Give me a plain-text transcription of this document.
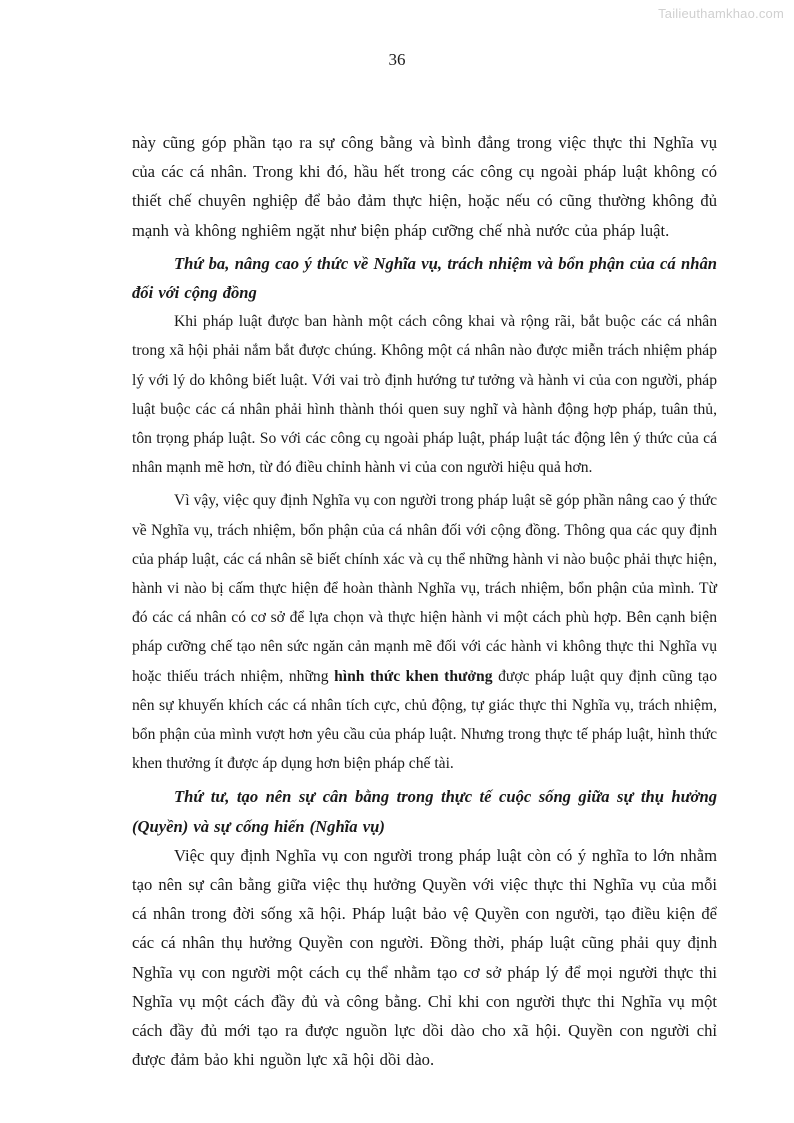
Tailieuthamkhao.com
36

này cũng góp phần tạo ra sự công bằng và bình đẳng trong việc thực thi Nghĩa vụ của các cá nhân. Trong khi đó, hầu hết trong các công cụ ngoài pháp luật không có thiết chế chuyên nghiệp để bảo đảm thực hiện, hoặc nếu có cũng thường không đủ mạnh và không nghiêm ngặt như biện pháp cưỡng chế nhà nước của pháp luật.

Thứ ba, nâng cao ý thức về Nghĩa vụ, trách nhiệm và bổn phận của cá nhân đối với cộng đồng

Khi pháp luật được ban hành một cách công khai và rộng rãi, bắt buộc các cá nhân trong xã hội phải nắm bắt được chúng. Không một cá nhân nào được miễn trách nhiệm pháp lý với lý do không biết luật. Với vai trò định hướng tư tưởng và hành vi của con người, pháp luật buộc các cá nhân phải hình thành thói quen suy nghĩ và hành động hợp pháp, tuân thủ, tôn trọng pháp luật. So với các công cụ ngoài pháp luật, pháp luật tác động lên ý thức của cá nhân mạnh mẽ hơn, từ đó điều chỉnh hành vi của con người hiệu quả hơn.

Vì vậy, việc quy định Nghĩa vụ con người trong pháp luật sẽ góp phần nâng cao ý thức về Nghĩa vụ, trách nhiệm, bổn phận của cá nhân đối với cộng đồng. Thông qua các quy định của pháp luật, các cá nhân sẽ biết chính xác và cụ thể những hành vi nào buộc phải thực hiện, hành vi nào bị cấm thực hiện để hoàn thành Nghĩa vụ, trách nhiệm, bổn phận của mình. Từ đó các cá nhân có cơ sở để lựa chọn và thực hiện hành vi một cách phù hợp. Bên cạnh biện pháp cưỡng chế tạo nên sức ngăn cản mạnh mẽ đối với các hành vi không thực thi Nghĩa vụ hoặc thiếu trách nhiệm, những hình thức khen thưởng được pháp luật quy định cũng tạo nên sự khuyến khích các cá nhân tích cực, chủ động, tự giác thực thi Nghĩa vụ, trách nhiệm, bổn phận của mình vượt hơn yêu cầu của pháp luật. Nhưng trong thực tế pháp luật, hình thức khen thưởng ít được áp dụng hơn biện pháp chế tài.

Thứ tư, tạo nên sự cân bằng trong thực tế cuộc sống giữa sự thụ hưởng (Quyền) và sự cống hiến (Nghĩa vụ)

Việc quy định Nghĩa vụ con người trong pháp luật còn có ý nghĩa to lớn nhằm tạo nên sự cân bằng giữa việc thụ hưởng Quyền với việc thực thi Nghĩa vụ của mỗi cá nhân trong đời sống xã hội. Pháp luật bảo vệ Quyền con người, tạo điều kiện để các cá nhân thụ hưởng Quyền con người. Đồng thời, pháp luật cũng phải quy định Nghĩa vụ con người một cách cụ thể nhằm tạo cơ sở pháp lý để mọi người thực thi Nghĩa vụ một cách đầy đủ và công bằng. Chỉ khi con người thực thi Nghĩa vụ một cách đầy đủ mới tạo ra được nguồn lực dồi dào cho xã hội. Quyền con người chỉ được đảm bảo khi nguồn lực xã hội dồi dào.
